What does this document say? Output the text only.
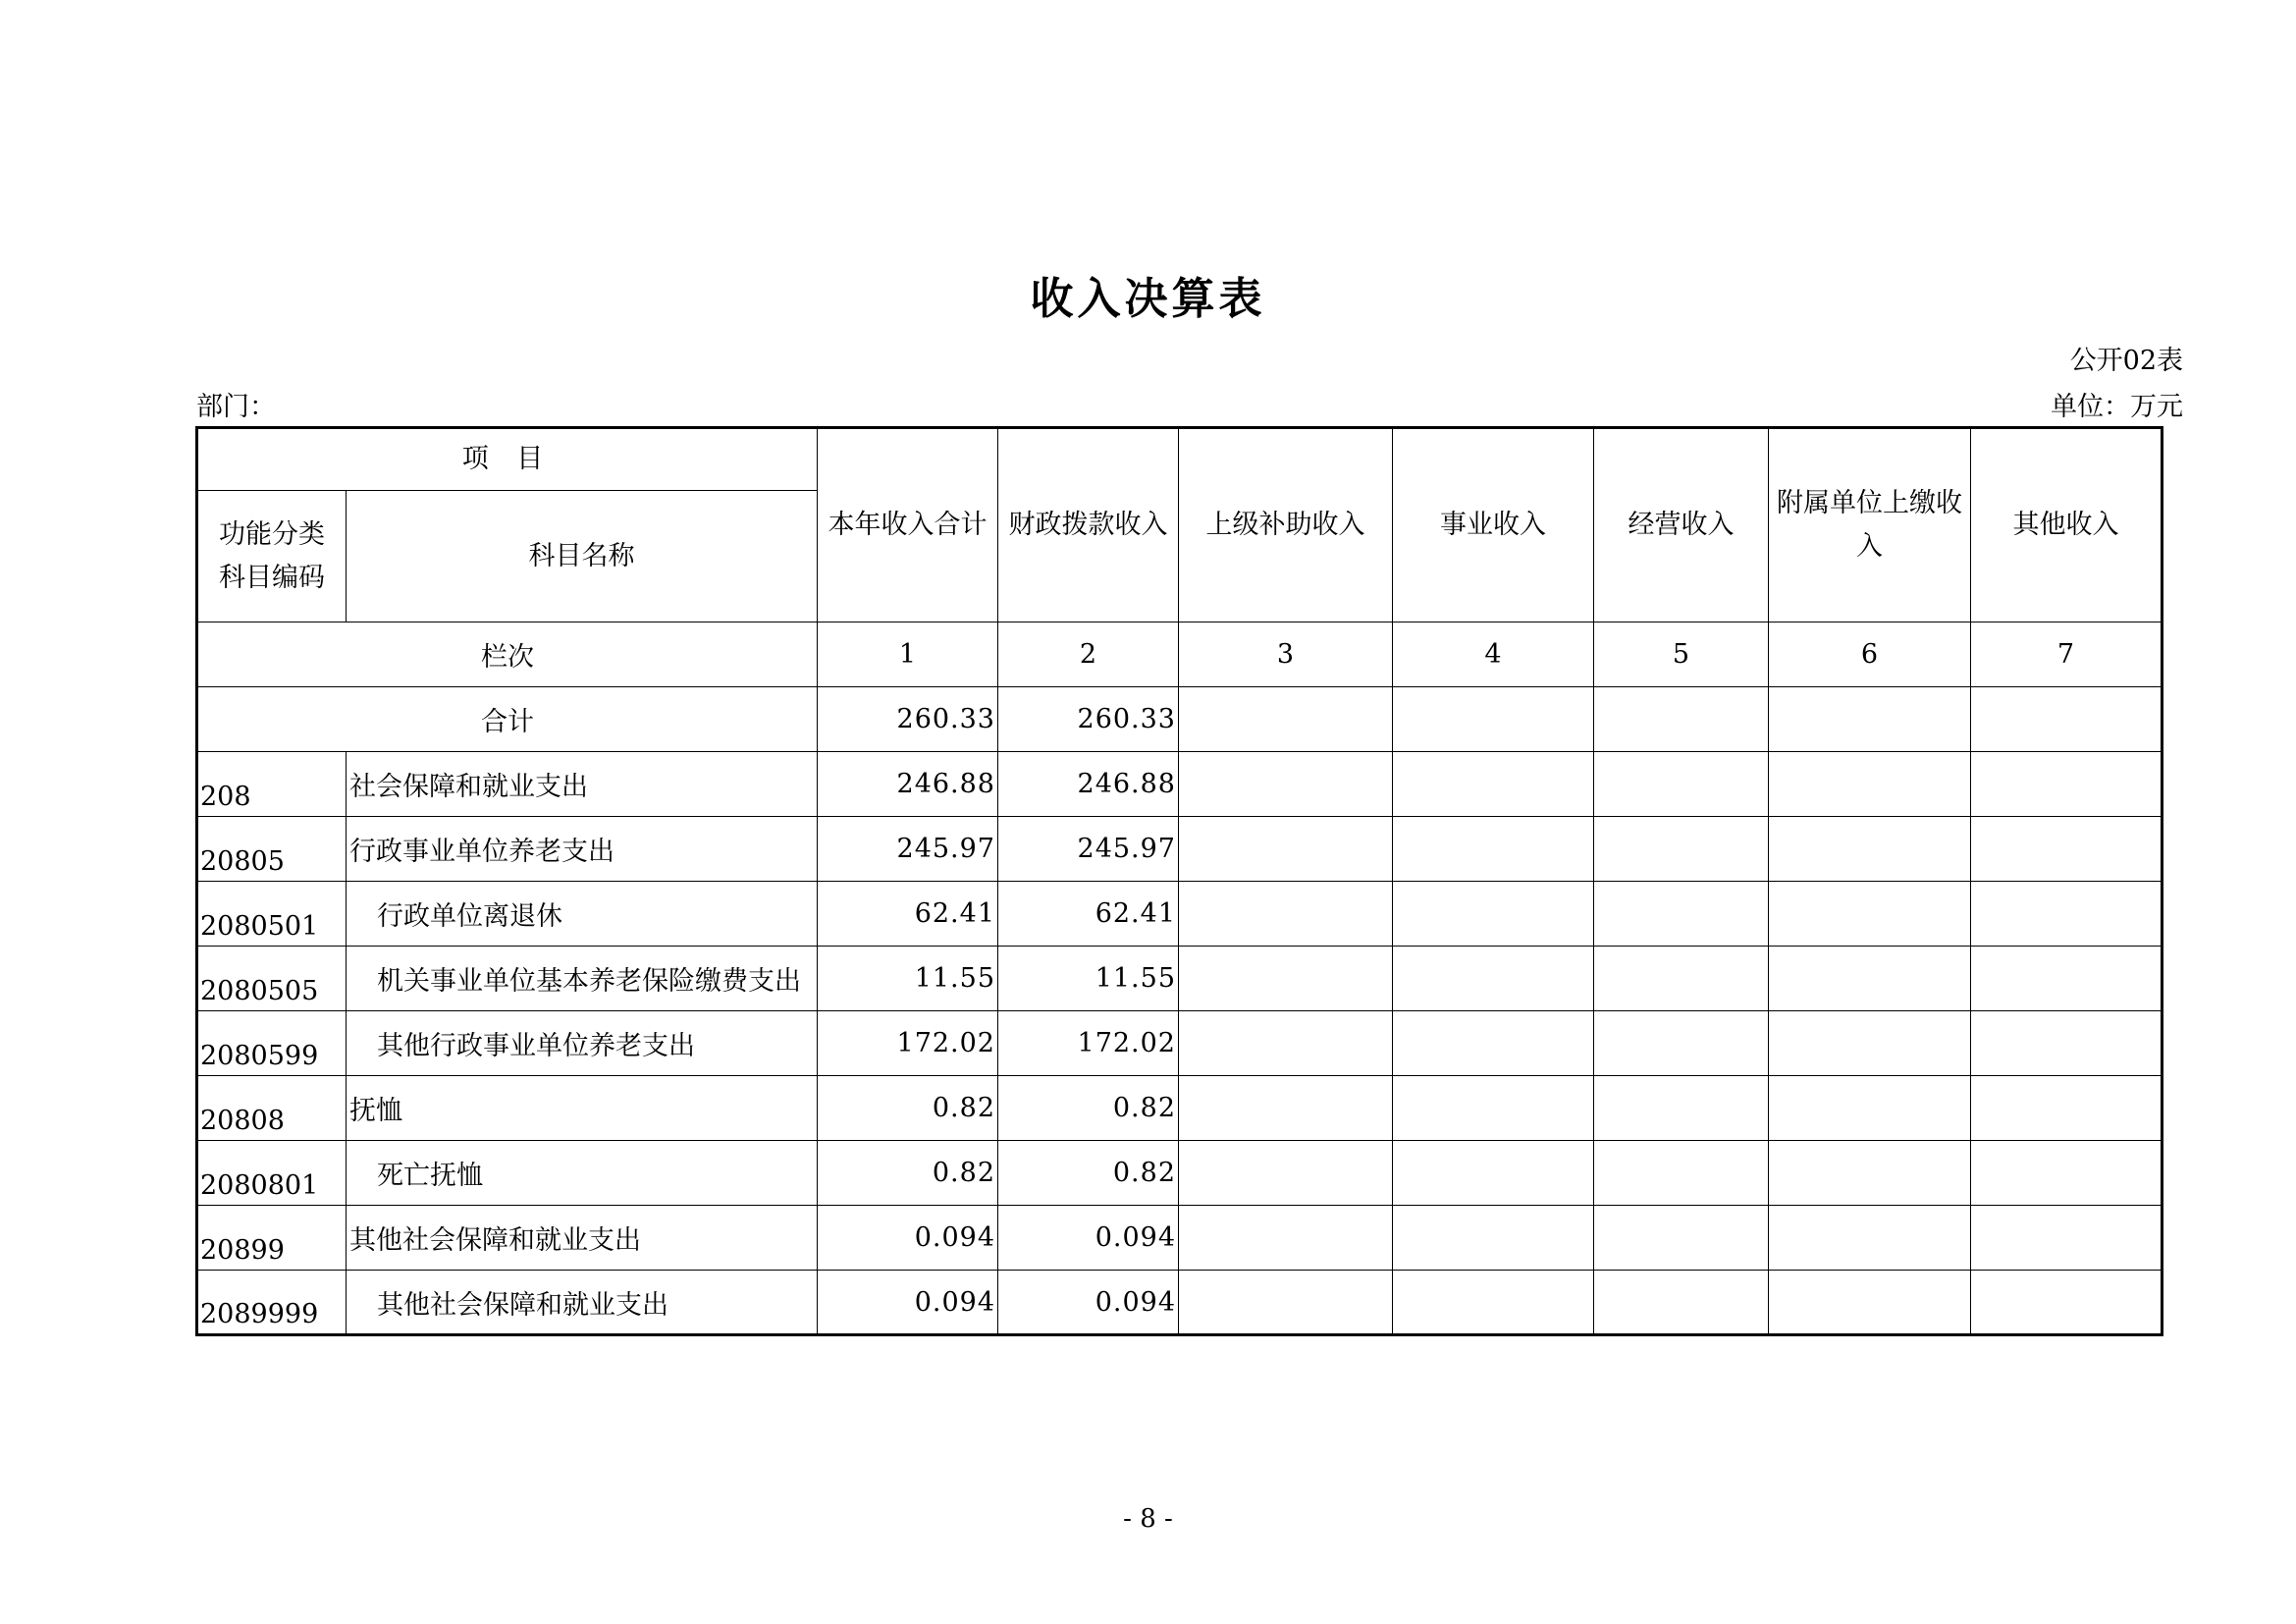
收入决算表
公开02表
部门：	单位：万元
项 目		本年收入合计	财政拨款收入	上级补助收入	事业收入	经营收入	附属单位上缴收入	其他收入
功能分类科目编码	科目名称							
栏次		1	2	3	4	5	6	7
合计		260.33	260.33					
208	社会保障和就业支出	246.88	246.88					
20805	行政事业单位养老支出	245.97	245.97					
2080501	行政单位离退休	62.41	62.41					
2080505	机关事业单位基本养老保险缴费支出	11.55	11.55					
2080599	其他行政事业单位养老支出	172.02	172.02					
20808	抚恤	0.82	0.82					
2080801	死亡抚恤	0.82	0.82					
20899	其他社会保障和就业支出	0.094	0.094					
2089999	其他社会保障和就业支出	0.094	0.094					
- 8 -
